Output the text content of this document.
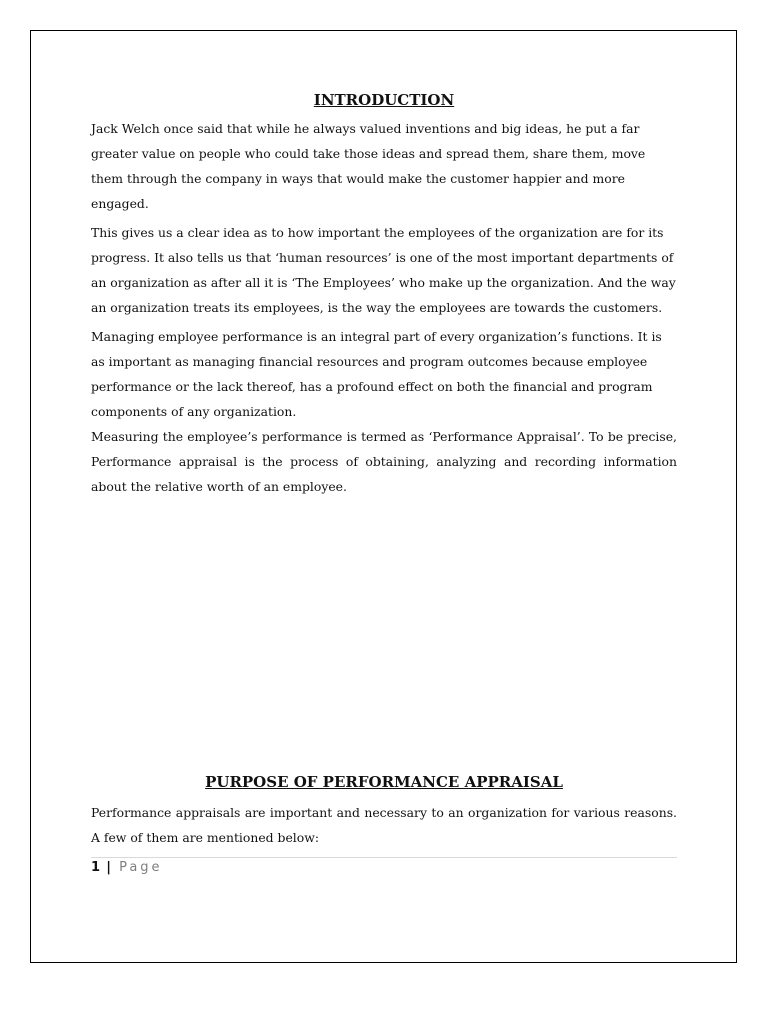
INTRODUCTION

Jack Welch once said that while he always valued inventions and big ideas, he put a far greater value on people who could take those ideas and spread them, share them, move them through the company in ways that would make the customer happier and more engaged.

This gives us a clear idea as to how important the employees of the organization are for its progress. It also tells us that ‘human resources’ is one of the most important departments of an organization as after all it is ‘The Employees’ who make up the organization. And the way an organization treats its employees, is the way the employees are towards the customers.

Managing employee performance is an integral part of every organization’s functions. It is as important as managing financial resources and program outcomes because employee performance or the lack thereof, has a profound effect on both the financial and program components of any organization.

Measuring the employee’s performance is termed as ‘Performance Appraisal’. To be precise, Performance appraisal is the process of obtaining, analyzing and recording information about the relative worth of an employee.

PURPOSE OF PERFORMANCE APPRAISAL

Performance appraisals are important and necessary to an organization for various reasons. A few of them are mentioned below:

1 | Page
